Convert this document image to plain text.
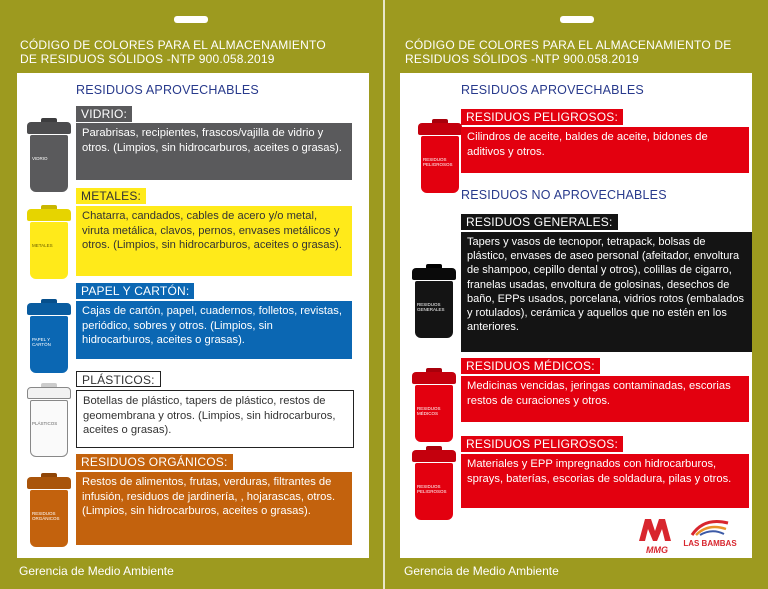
CÓDIGO DE COLORES PARA EL ALMACENAMIENTO
DE RESIDUOS SÓLIDOS -NTP 900.058.2019
RESIDUOS APROVECHABLES
VIDRIO
VIDRIO:
Parabrisas, recipientes, frascos/vajilla de vidrio y otros. (Limpios, sin hidrocarburos, aceites o grasas).
METALES
METALES:
Chatarra, candados, cables de acero y/o metal, viruta metálica, clavos, pernos, envases metálicos y otros. (Limpios, sin hidrocarburos, aceites o grasas).
PAPEL Y CARTÓN
PAPEL Y CARTÓN:
Cajas de cartón, papel, cuadernos, folletos, revistas, periódico, sobres y otros. (Limpios, sin hidrocarburos, aceites o grasas).
PLÁSTICOS
PLÁSTICOS:
Botellas de plástico, tapers de plástico, restos de geomembrana y otros. (Limpios, sin hidrocarburos, aceites o grasas).
RESIDUOS ORGÁNICOS
RESIDUOS ORGÁNICOS:
Restos de alimentos, frutas, verduras, filtrantes de infusión, residuos de jardinería, , hojarascas, otros. (Limpios, sin hidrocarburos, aceites o grasas).
Gerencia de Medio Ambiente
CÓDIGO DE COLORES PARA EL ALMACENAMIENTO DE
RESIDUOS SÓLIDOS -NTP 900.058.2019
RESIDUOS APROVECHABLES
RESIDUOS PELIGROSOS
RESIDUOS PELIGROSOS:
Cilindros de aceite, baldes de aceite, bidones de aditivos y otros.
RESIDUOS NO APROVECHABLES
RESIDUOS GENERALES
RESIDUOS GENERALES:
Tapers y vasos de tecnopor, tetrapack, bolsas de plástico, envases de aseo personal (afeitador, envoltura de shampoo, cepillo dental y otros), colillas de cigarro, franelas usadas, envoltura de golosinas, desechos de baño, EPPs usados, porcelana, vidrios rotos (embalados y rotulados), cerámica y aquellos que no estén en los anteriores.
RESIDUOS MÉDICOS
RESIDUOS MÉDICOS:
Medicinas vencidas, jeringas contaminadas, escorias restos de curaciones y otros.
RESIDUOS PELIGROSOS
RESIDUOS PELIGROSOS:
Materiales y EPP impregnados con hidrocarburos, sprays, baterías, escorias de soldadura, pilas y otros.
MMG
LAS BAMBAS
Gerencia de Medio Ambiente
